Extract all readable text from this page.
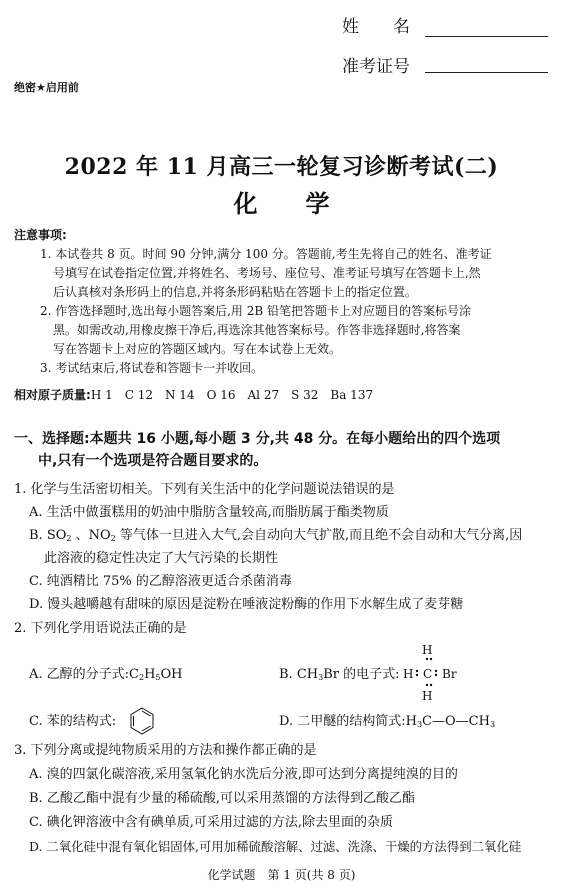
姓　　名
准考证号
绝密★启用前
2022 年 11 月高三一轮复习诊断考试(二)
化　　学
注意事项:
1. 本试卷共 8 页。时间 90 分钟,满分 100 分。答题前,考生先将自己的姓名、准考证
号填写在试卷指定位置,并将姓名、考场号、座位号、准考证号填写在答题卡上,然
后认真核对条形码上的信息,并将条形码粘贴在答题卡上的指定位置。
2. 作答选择题时,选出每小题答案后,用 2B 铅笔把答题卡上对应题目的答案标号涂
黑。如需改动,用橡皮擦干净后,再选涂其他答案标号。作答非选择题时,将答案
写在答题卡上对应的答题区域内。写在本试卷上无效。
3. 考试结束后,将试卷和答题卡一并收回。
相对原子质量:H 1　C 12　N 14　O 16　Al 27　S 32　Ba 137
一、选择题:本题共 16 小题,每小题 3 分,共 48 分。在每小题给出的四个选项
中,只有一个选项是符合题目要求的。
1. 化学与生活密切相关。下列有关生活中的化学问题说法错误的是
A. 生活中做蛋糕用的奶油中脂肪含量较高,而脂肪属于酯类物质
B. $SO_2$ 、$NO_2$ 等气体一旦进入大气,会自动向大气扩散,而且绝不会自动和大气分离,因
此溶液的稳定性决定了大气污染的长期性
C. 纯酒精比 75% 的乙醇溶液更适合杀菌消毒
D. 馒头越嚼越有甜味的原因是淀粉在唾液淀粉酶的作用下水解生成了麦芽糖
2. 下列化学用语说法正确的是
A. 乙醇的分子式$:C_2H_5OH$	B. $CH_3Br$ 的电子式:
H
H C Br
H
C. 苯的结构式:	D. 二甲醚的结构简式$:H_3C—O—CH_3$
3. 下列分离或提纯物质采用的方法和操作都正确的是
A. 溴的四氯化碳溶液,采用氢氧化钠水洗后分液,即可达到分离提纯溴的目的
B. 乙酸乙酯中混有少量的稀硫酸,可以采用蒸馏的方法得到乙酸乙酯
C. 碘化钾溶液中含有碘单质,可采用过滤的方法,除去里面的杂质
D. 二氧化硅中混有氧化铝固体,可用加稀硫酸溶解、过滤、洗涤、干燥的方法得到二氧化硅
化学试题　第 1 页(共 8 页)
